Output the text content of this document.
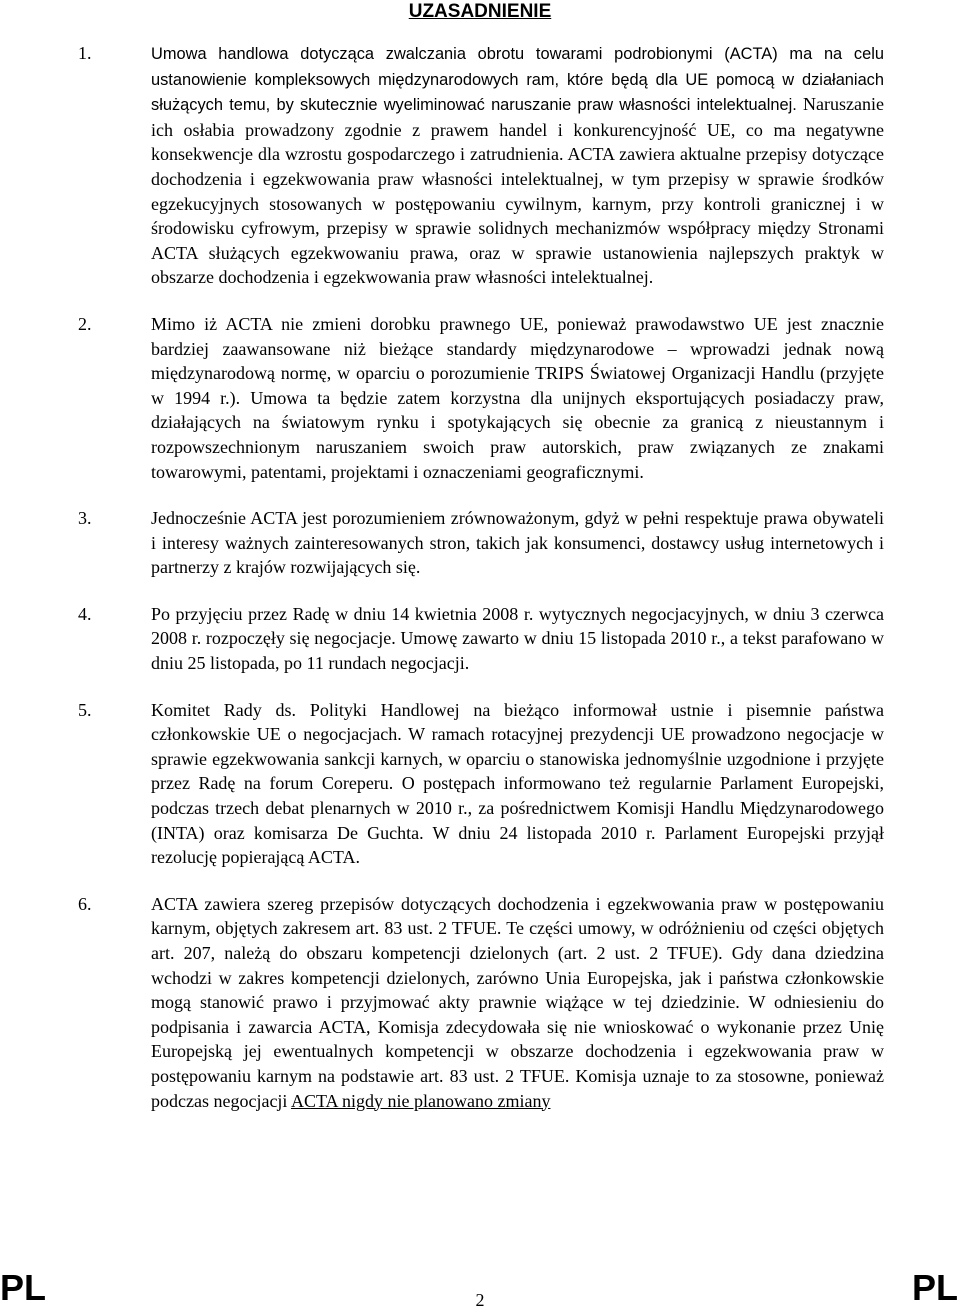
UZASADNIENIE
1.	Umowa handlowa dotycząca zwalczania obrotu towarami podrobionymi (ACTA) ma na celu ustanowienie kompleksowych międzynarodowych ram, które będą dla UE pomocą w działaniach służących temu, by skutecznie wyeliminować naruszanie praw własności intelektualnej. Naruszanie ich osłabia prowadzony zgodnie z prawem handel i konkurencyjność UE, co ma negatywne konsekwencje dla wzrostu gospodarczego i zatrudnienia. ACTA zawiera aktualne przepisy dotyczące dochodzenia i egzekwowania praw własności intelektualnej, w tym przepisy w sprawie środków egzekucyjnych stosowanych w postępowaniu cywilnym, karnym, przy kontroli granicznej i w środowisku cyfrowym, przepisy w sprawie solidnych mechanizmów współpracy między Stronami ACTA służących egzekwowaniu prawa, oraz w sprawie ustanowienia najlepszych praktyk w obszarze dochodzenia i egzekwowania praw własności intelektualnej.
2.	Mimo iż ACTA nie zmieni dorobku prawnego UE, ponieważ prawodawstwo UE jest znacznie bardziej zaawansowane niż bieżące standardy międzynarodowe – wprowadzi jednak nową międzynarodową normę, w oparciu o porozumienie TRIPS Światowej Organizacji Handlu (przyjęte w 1994 r.). Umowa ta będzie zatem korzystna dla unijnych eksportujących posiadaczy praw, działających na światowym rynku i spotykających się obecnie za granicą z nieustannym i rozpowszechnionym naruszaniem swoich praw autorskich, praw związanych ze znakami towarowymi, patentami, projektami i oznaczeniami geograficznymi.
3.	Jednocześnie ACTA jest porozumieniem zrównoważonym, gdyż w pełni respektuje prawa obywateli i interesy ważnych zainteresowanych stron, takich jak konsumenci, dostawcy usług internetowych i partnerzy z krajów rozwijających się.
4.	Po przyjęciu przez Radę w dniu 14 kwietnia 2008 r. wytycznych negocjacyjnych, w dniu 3 czerwca 2008 r. rozpoczęły się negocjacje. Umowę zawarto w dniu 15 listopada 2010 r., a tekst parafowano w dniu 25 listopada, po 11 rundach negocjacji.
5.	Komitet Rady ds. Polityki Handlowej na bieżąco informował ustnie i pisemnie państwa członkowskie UE o negocjacjach. W ramach rotacyjnej prezydencji UE prowadzono negocjacje w sprawie egzekwowania sankcji karnych, w oparciu o stanowiska jednomyślnie uzgodnione i przyjęte przez Radę na forum Coreperu. O postępach informowano też regularnie Parlament Europejski, podczas trzech debat plenarnych w 2010 r., za pośrednictwem Komisji Handlu Międzynarodowego (INTA) oraz komisarza De Guchta. W dniu 24 listopada 2010 r. Parlament Europejski przyjął rezolucję popierającą ACTA.
6.	ACTA zawiera szereg przepisów dotyczących dochodzenia i egzekwowania praw w postępowaniu karnym, objętych zakresem art. 83 ust. 2 TFUE. Te części umowy, w odróżnieniu od części objętych art. 207, należą do obszaru kompetencji dzielonych (art. 2 ust. 2 TFUE). Gdy dana dziedzina wchodzi w zakres kompetencji dzielonych, zarówno Unia Europejska, jak i państwa członkowskie mogą stanowić prawo i przyjmować akty prawnie wiążące w tej dziedzinie. W odniesieniu do podpisania i zawarcia ACTA, Komisja zdecydowała się nie wnioskować o wykonanie przez Unię Europejską jej ewentualnych kompetencji w obszarze dochodzenia i egzekwowania praw w postępowaniu karnym na podstawie art. 83 ust. 2 TFUE. Komisja uznaje to za stosowne, ponieważ podczas negocjacji ACTA nigdy nie planowano zmiany
PL	2	PL
